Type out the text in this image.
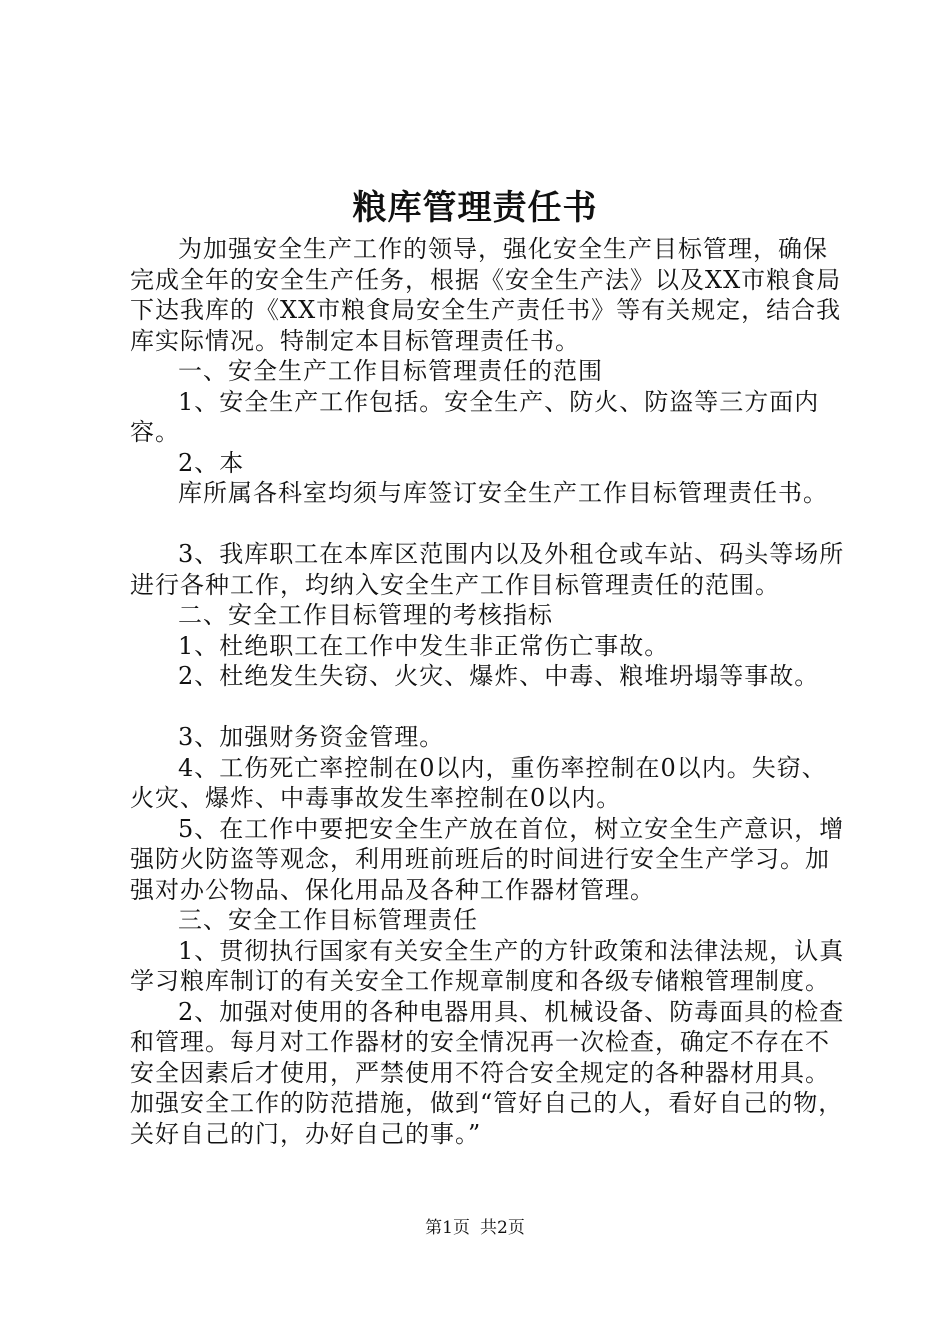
粮库管理责任书

为加强安全生产工作的领导，强化安全生产目标管理，确保完成全年的安全生产任务，根据《安全生产法》以及XX市粮食局下达我库的《XX市粮食局安全生产责任书》等有关规定，结合我库实际情况。特制定本目标管理责任书。

一、安全生产工作目标管理责任的范围

1、安全生产工作包括。安全生产、防火、防盗等三方面内容。

2、本

库所属各科室均须与库签订安全生产工作目标管理责任书。

3、我库职工在本库区范围内以及外租仓或车站、码头等场所进行各种工作，均纳入安全生产工作目标管理责任的范围。

二、安全工作目标管理的考核指标

1、杜绝职工在工作中发生非正常伤亡事故。

2、杜绝发生失窃、火灾、爆炸、中毒、粮堆坍塌等事故。

3、加强财务资金管理。

4、工伤死亡率控制在0以内，重伤率控制在0以内。失窃、火灾、爆炸、中毒事故发生率控制在0以内。

5、在工作中要把安全生产放在首位，树立安全生产意识，增强防火防盗等观念，利用班前班后的时间进行安全生产学习。加强对办公物品、保化用品及各种工作器材管理。

三、安全工作目标管理责任

1、贯彻执行国家有关安全生产的方针政策和法律法规，认真学习粮库制订的有关安全工作规章制度和各级专储粮管理制度。

2、加强对使用的各种电器用具、机械设备、防毒面具的检查和管理。每月对工作器材的安全情况再一次检查，确定不存在不安全因素后才使用，严禁使用不符合安全规定的各种器材用具。加强安全工作的防范措施，做到“管好自己的人，看好自己的物，关好自己的门，办好自己的事。”

第1页 共2页
